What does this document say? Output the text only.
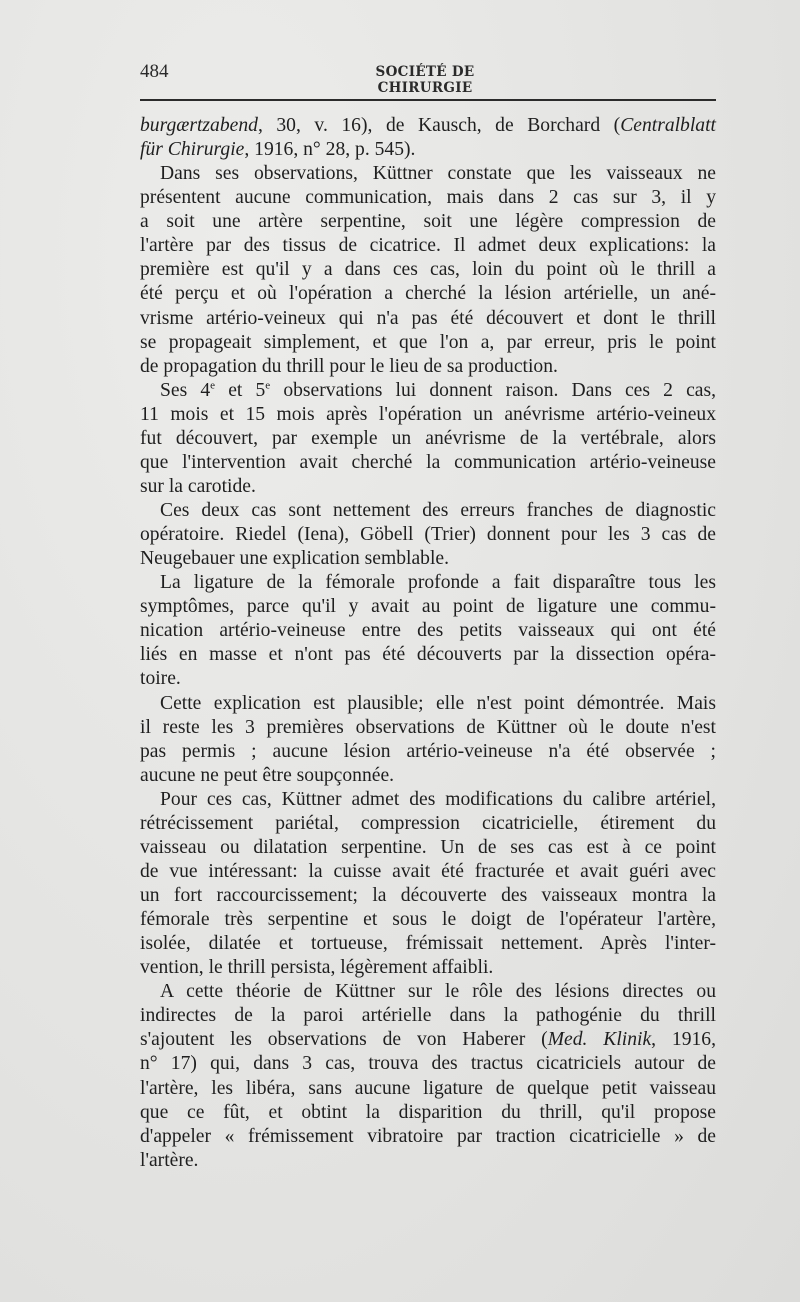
484	SOCIÉTÉ DE CHIRURGIE
burgærtzabend, 30, v. 16), de Kausch, de Borchard (Centralblatt
für Chirurgie, 1916, n° 28, p. 545).
Dans ses observations, Küttner constate que les vaisseaux ne
présentent aucune communication, mais dans 2 cas sur 3, il y
a soit une artère serpentine, soit une légère compression de
l'artère par des tissus de cicatrice. Il admet deux explications: la
première est qu'il y a dans ces cas, loin du point où le thrill a
été perçu et où l'opération a cherché la lésion artérielle, un ané-
vrisme artério-veineux qui n'a pas été découvert et dont le thrill
se propageait simplement, et que l'on a, par erreur, pris le point
de propagation du thrill pour le lieu de sa production.
Ses 4e et 5e observations lui donnent raison. Dans ces 2 cas,
11 mois et 15 mois après l'opération un anévrisme artério-veineux
fut découvert, par exemple un anévrisme de la vertébrale, alors
que l'intervention avait cherché la communication artério-veineuse
sur la carotide.
Ces deux cas sont nettement des erreurs franches de diagnostic
opératoire. Riedel (Iena), Göbell (Trier) donnent pour les 3 cas de
Neugebauer une explication semblable.
La ligature de la fémorale profonde a fait disparaître tous les
symptômes, parce qu'il y avait au point de ligature une commu-
nication artério-veineuse entre des petits vaisseaux qui ont été
liés en masse et n'ont pas été découverts par la dissection opéra-
toire.
Cette explication est plausible; elle n'est point démontrée. Mais
il reste les 3 premières observations de Küttner où le doute n'est
pas permis ; aucune lésion artério-veineuse n'a été observée ;
aucune ne peut être soupçonnée.
Pour ces cas, Küttner admet des modifications du calibre artériel,
rétrécissement pariétal, compression cicatricielle, étirement du
vaisseau ou dilatation serpentine. Un de ses cas est à ce point
de vue intéressant: la cuisse avait été fracturée et avait guéri avec
un fort raccourcissement; la découverte des vaisseaux montra la
fémorale très serpentine et sous le doigt de l'opérateur l'artère,
isolée, dilatée et tortueuse, frémissait nettement. Après l'inter-
vention, le thrill persista, légèrement affaibli.
A cette théorie de Küttner sur le rôle des lésions directes ou
indirectes de la paroi artérielle dans la pathogénie du thrill
s'ajoutent les observations de von Haberer (Med. Klinik, 1916,
n° 17) qui, dans 3 cas, trouva des tractus cicatriciels autour de
l'artère, les libéra, sans aucune ligature de quelque petit vaisseau
que ce fût, et obtint la disparition du thrill, qu'il propose
d'appeler « frémissement vibratoire par traction cicatricielle » de
l'artère.
